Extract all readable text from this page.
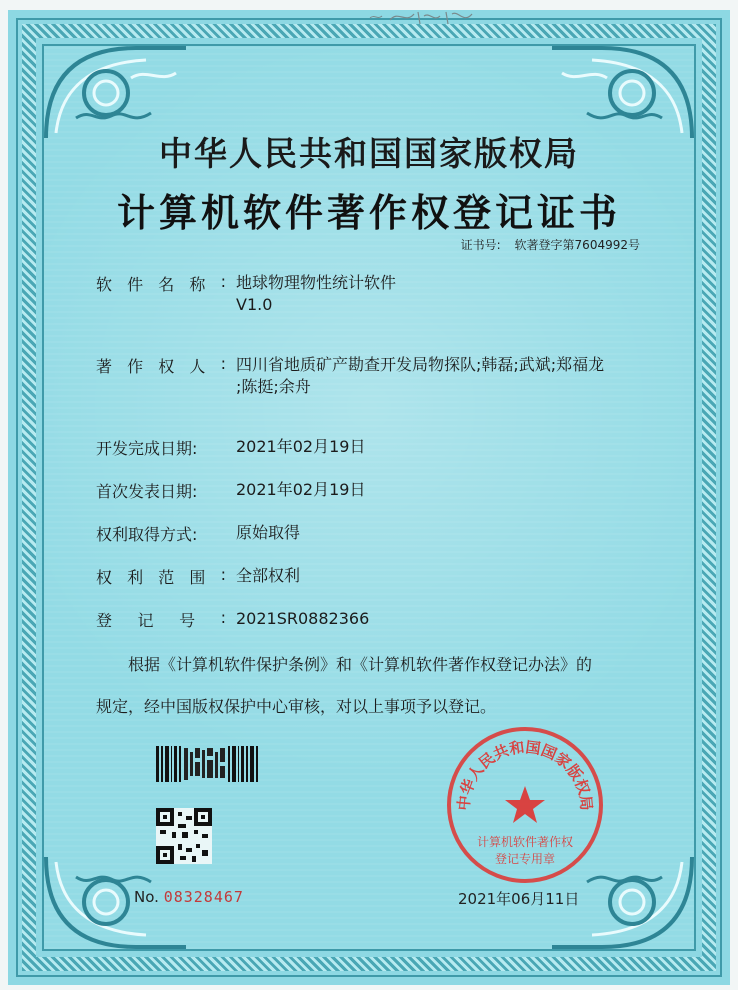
中华人民共和国国家版权局
计算机软件著作权登记证书
证书号: 软著登字第7604992号
软 件 名 称 : 地球物理物性统计软件
V1.0
著 作 权 人 : 四川省地质矿产勘查开发局物探队;韩磊;武斌;郑福龙
;陈挺;余舟
开发完成日期:	2021年02月19日
首次发表日期:	2021年02月19日
权利取得方式:	原始取得
权 利 范 围 : 全部权利
登 记 号 : 2021SR0882366

根据《计算机软件保护条例》和《计算机软件著作权登记办法》的

规定，经中国版权保护中心审核，对以上事项予以登记。

No. 08328467
中华人民共和国国家版权局
计算机软件著作权
登记专用章
2021年06月11日
